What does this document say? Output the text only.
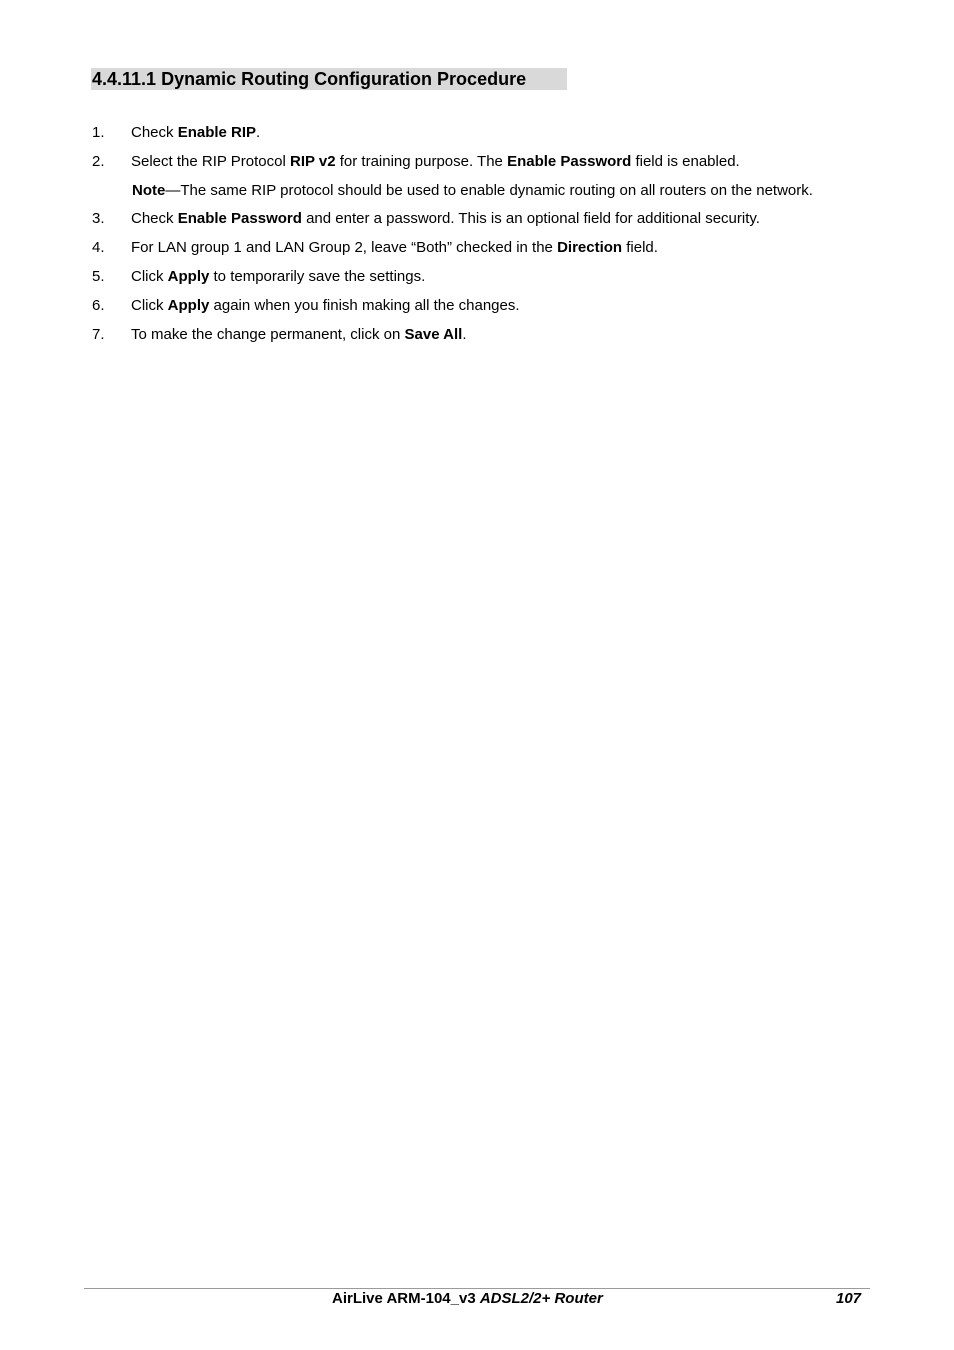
4.4.11.1 Dynamic Routing Configuration Procedure
1. Check Enable RIP.
2. Select the RIP Protocol RIP v2 for training purpose. The Enable Password field is enabled.
Note—The same RIP protocol should be used to enable dynamic routing on all routers on the network.
3. Check Enable Password and enter a password. This is an optional field for additional security.
4. For LAN group 1 and LAN Group 2, leave “Both” checked in the Direction field.
5. Click Apply to temporarily save the settings.
6. Click Apply again when you finish making all the changes.
7. To make the change permanent, click on Save All.
AirLive ARM-104_v3 ADSL2/2+ Router	107
